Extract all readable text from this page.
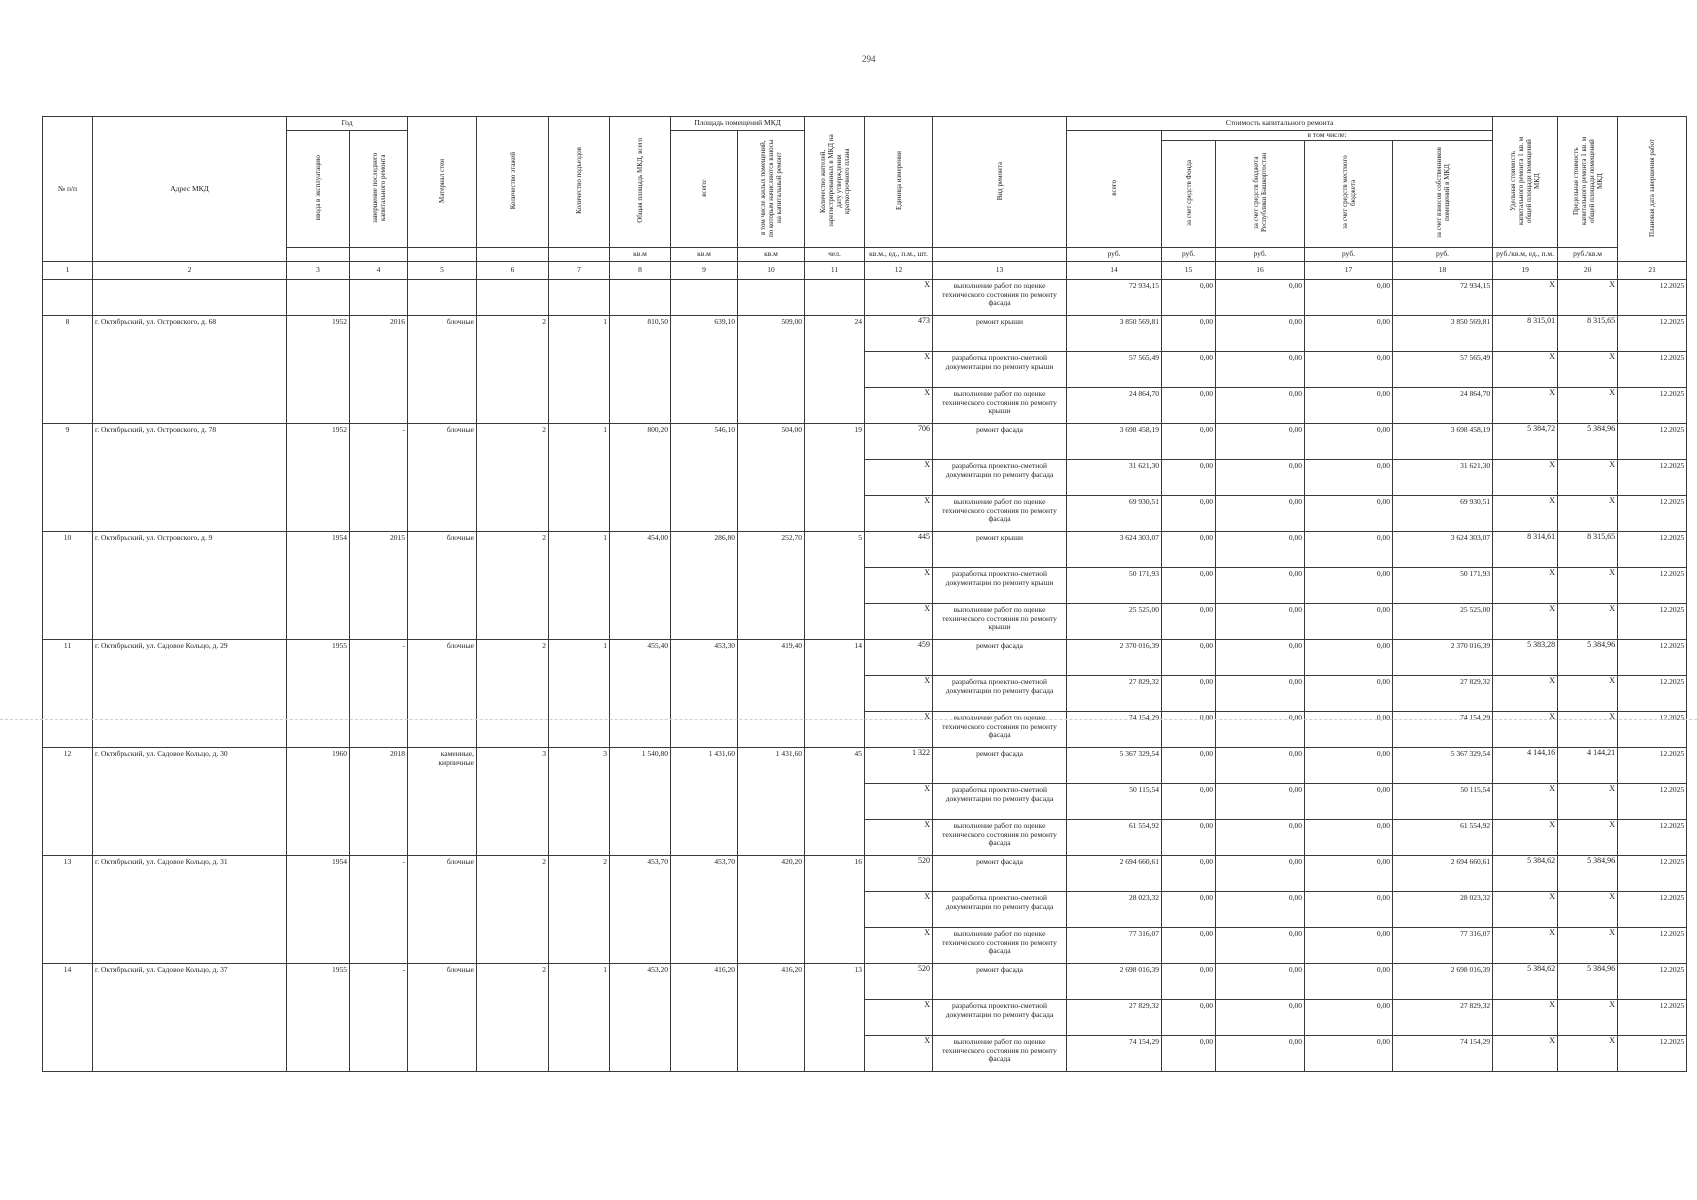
294
№ п/п	Адрес МКД	Год		Материал стен	Количество этажей	Количество подъездов	Общая площадь МКД, всего	Площадь помещений МКД		Количество жителей, зарегистрированных в МКД на дату утверждения краткосрочного плана	Единица измерения	Вид ремонта	Стоимость капитального ремонта					Удельная стоимость капитального ремонта 1 кв. м общей площади помещений МКД	Предельная стоимость капитального ремонта 1 кв. м общей площади помещений МКД	Плановая дата завершения работ
		ввода в эксплуатацию	завершение последнего капитального ремонта					всего:	в том числе жилых помещений, по которым начисляются взносы на капитальный ремонт				всего	в том числе:						
														за счет средств Фонда	за счет средств бюджета Республики Башкортостан	за счет средств местного бюджета	за счет взносов собственников помещений в МКД			
							кв.м	кв.м	кв.м	чел.	кв.м., ед., п.м., шт.		руб.	руб.	руб.	руб.	руб.	руб./кв.м, ед., п.м.	руб./кв.м	
1	2	3	4	5	6	7	8	9	10	11	12	13	14	15	16	17	18	19	20	21
											Х	выполнение работ по оценке технического состояния по ремонту фасада	72 934,15	0,00	0,00	0,00	72 934,15	Х	Х	12.2025
8	г. Октябрьский, ул. Островского, д. 68	1952	2016	блочные	2	1	810,50	639,10	509,00	24	473	ремонт крыши	3 850 569,81	0,00	0,00	0,00	3 850 569,81	8 315,01	8 315,65	12.2025
											Х	разработка проектно-сметной документации по ремонту крыши	57 565,49	0,00	0,00	0,00	57 565,49	Х	Х	12.2025
											Х	выполнение работ по оценке технического состояния по ремонту крыши	24 864,70	0,00	0,00	0,00	24 864,70	Х	Х	12.2025
9	г. Октябрьский, ул. Островского, д. 78	1952	-	блочные	2	1	800,20	546,10	504,00	19	706	ремонт фасада	3 698 458,19	0,00	0,00	0,00	3 698 458,19	5 384,72	5 384,96	12.2025
											Х	разработка проектно-сметной документации по ремонту фасада	31 621,30	0,00	0,00	0,00	31 621,30	Х	Х	12.2025
											Х	выполнение работ по оценке технического состояния по ремонту фасада	69 930,51	0,00	0,00	0,00	69 930,51	Х	Х	12.2025
10	г. Октябрьский, ул. Островского, д. 9	1954	2015	блочные	2	1	454,00	286,80	252,70	5	445	ремонт крыши	3 624 303,07	0,00	0,00	0,00	3 624 303,07	8 314,61	8 315,65	12.2025
											Х	разработка проектно-сметной документации по ремонту крыши	50 171,93	0,00	0,00	0,00	50 171,93	Х	Х	12.2025
											Х	выполнение работ по оценке технического состояния по ремонту крыши	25 525,00	0,00	0,00	0,00	25 525,00	Х	Х	12.2025
11	г. Октябрьский, ул. Садовое Кольцо, д. 29	1955	-	блочные	2	1	455,40	453,30	419,40	14	459	ремонт фасада	2 370 016,39	0,00	0,00	0,00	2 370 016,39	5 383,28	5 384,96	12.2025
											Х	разработка проектно-сметной документации по ремонту фасада	27 829,32	0,00	0,00	0,00	27 829,32	Х	Х	12.2025
											Х	выполнение работ по оценке технического состояния по ремонту фасада	74 154,29	0,00	0,00	0,00	74 154,29	Х	Х	12.2025
12	г. Октябрьский, ул. Садовое Кольцо, д. 30	1960	2018	каменные, кирпичные	3	3	1 540,80	1 431,60	1 431,60	45	1 322	ремонт фасада	5 367 329,54	0,00	0,00	0,00	5 367 329,54	4 144,16	4 144,21	12.2025
											Х	разработка проектно-сметной документации по ремонту фасада	50 115,54	0,00	0,00	0,00	50 115,54	Х	Х	12.2025
											Х	выполнение работ по оценке технического состояния по ремонту фасада	61 554,92	0,00	0,00	0,00	61 554,92	Х	Х	12.2025
13	г. Октябрьский, ул. Садовое Кольцо, д. 31	1954	-	блочные	2	2	453,70	453,70	420,20	16	520	ремонт фасада	2 694 660,61	0,00	0,00	0,00	2 694 660,61	5 384,62	5 384,96	12.2025
											Х	разработка проектно-сметной документации по ремонту фасада	28 023,32	0,00	0,00	0,00	28 023,32	Х	Х	12.2025
											Х	выполнение работ по оценке технического состояния по ремонту фасада	77 316,07	0,00	0,00	0,00	77 316,07	Х	Х	12.2025
14	г. Октябрьский, ул. Садовое Кольцо, д. 37	1955	-	блочные	2	1	453,20	416,20	416,20	13	520	ремонт фасада	2 698 016,39	0,00	0,00	0,00	2 698 016,39	5 384,62	5 384,96	12.2025
											Х	разработка проектно-сметной документации по ремонту фасада	27 829,32	0,00	0,00	0,00	27 829,32	Х	Х	12.2025
											Х	выполнение работ по оценке технического состояния по ремонту фасада	74 154,29	0,00	0,00	0,00	74 154,29	Х	Х	12.2025
